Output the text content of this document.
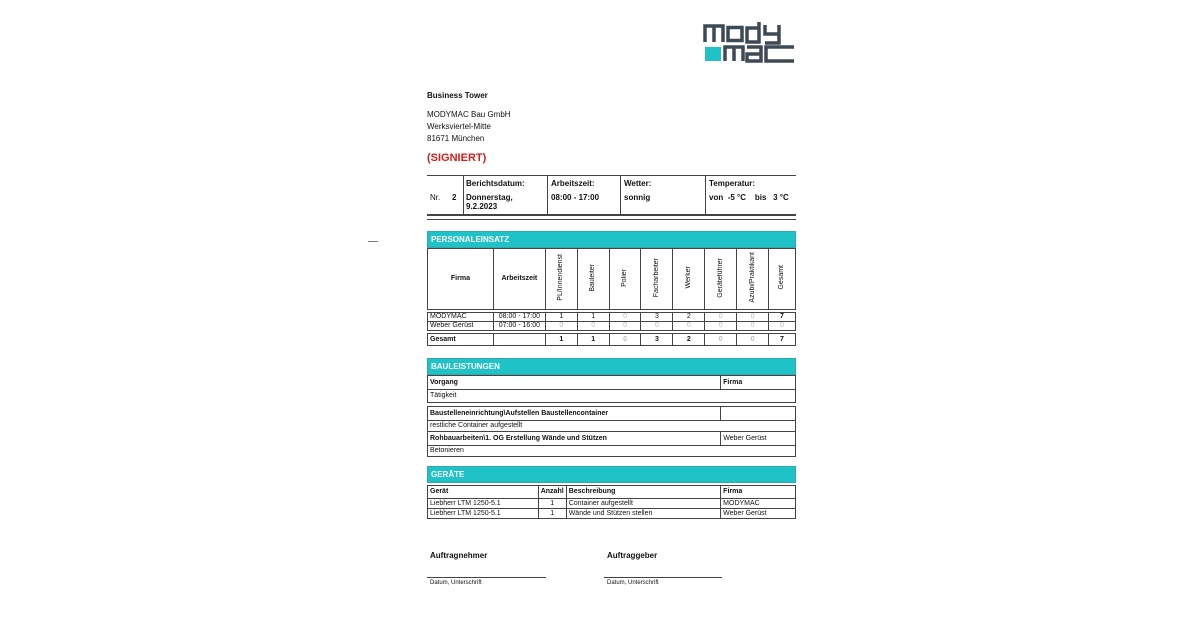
Business Tower
MODYMAC Bau GmbH
Werksviertel-Mitte
81671 München
(SIGNIERT)
Nr. 2
Berichtsdatum:
Donnerstag,
9.2.2023
Arbeitszeit:
08:00 - 17:00
Wetter:
sonnig
Temperatur:
von  -5 °C    bis   3 °C
PERSONALEINSATZ
Firma	Arbeitszeit	PL/Innendienst	Bauleiter	Polier	Facharbeiter	Werker	Geräteführer	Azubi/Praktikant	Gesamt

MODYMAC	08:00 - 17:00	1	1	0	3	2	0	0	7
Weber Gerüst	07:00 - 16:00	0	0	0	0	0	0	0	0

Gesamt		1	1	0	3	2	0	0	7
BAULEISTUNGEN
Vorgang	Firma
Tätigkeit
Baustelleneinrichtung\Aufstellen Baustellencontainer	
restliche Container aufgestellt	
Rohbauarbeiten\1. OG Erstellung Wände und Stützen	Weber Gerüst
Betonieren	
GERÄTE
Gerät	Anzahl	Beschreibung	Firma
Liebherr LTM 1250-5.1	1	Container aufgestellt	MODYMAC
Liebherr LTM 1250-5.1	1	Wände und Stützen stellen	Weber Gerüst
Auftragnehmer	Auftraggeber
Datum, Unterschrift	Datum, Unterschrift
